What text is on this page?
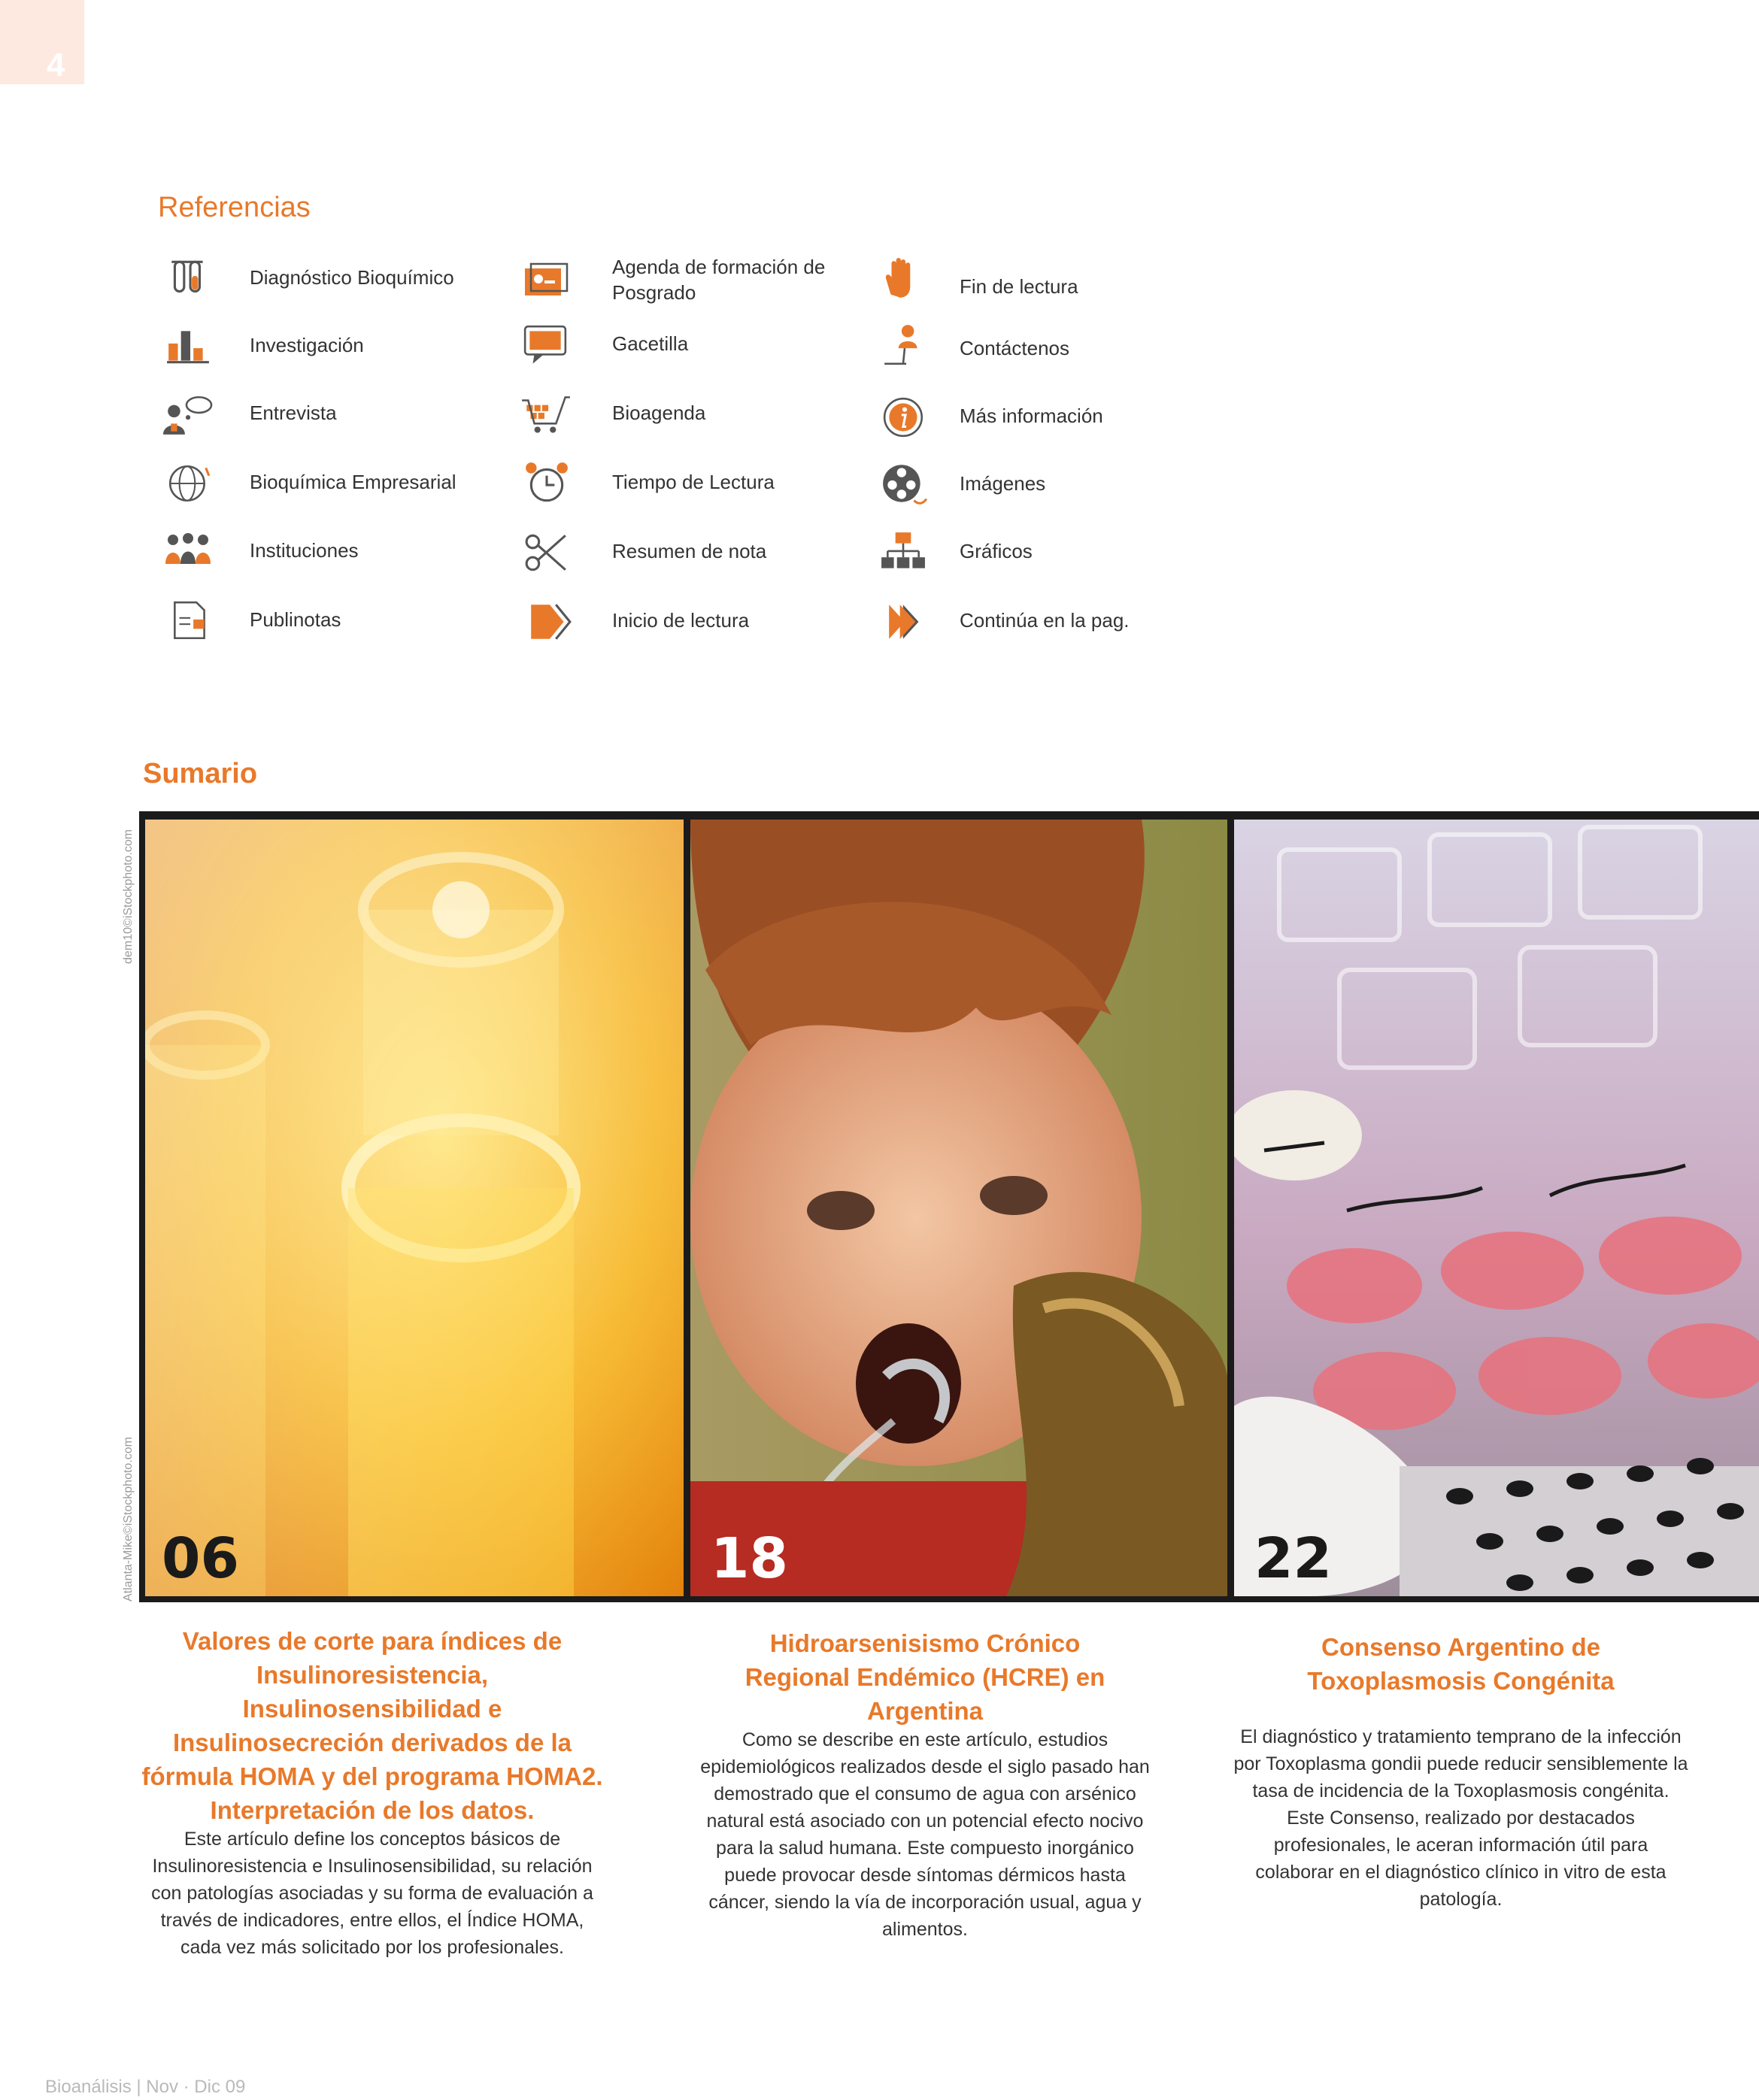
4
Referencias
Diagnóstico Bioquímico
Investigación
Entrevista
Bioquímica Empresarial
Instituciones
Publinotas
Agenda de formación de Posgrado
Gacetilla
Bioagenda
Tiempo de Lectura
Resumen de nota
Inicio de lectura
Fin de lectura
Contáctenos
Más información
Imágenes
Gráficos
Continúa en la pag.
Sumario
dem10©iStockphoto.com
Atlanta-Mike©iStockphoto.com 06	18	22
Valores de corte para índices de Insulinoresistencia, Insulinosensibilidad e Insulinosecreción derivados de la fórmula HOMA y del programa HOMA2. Interpretación de los datos.
Este artículo define los conceptos básicos de Insulinoresistencia e Insulinosensibilidad, su relación con patologías asociadas y su forma de evaluación a través de indicadores, entre ellos, el Índice HOMA, cada vez más solicitado por los profesionales.
Hidroarsenisismo Crónico Regional Endémico (HCRE) en Argentina
Como se describe en este artículo, estudios epidemiológicos realizados desde el siglo pasado han demostrado que el consumo de agua con arsénico natural está asociado con un potencial efecto nocivo para la salud humana. Este compuesto inorgánico puede provocar desde síntomas dérmicos hasta cáncer, siendo la vía de incorporación usual, agua y alimentos.
Consenso Argentino de Toxoplasmosis Congénita
El diagnóstico y tratamiento temprano de la infección por Toxoplasma gondii puede reducir sensiblemente la tasa de incidencia de la Toxoplasmosis congénita. Este Consenso, realizado por destacados profesionales, le aceran información útil para colaborar en el diagnóstico clínico in vitro de esta patología.
Bioanálisis | Nov · Dic 09
